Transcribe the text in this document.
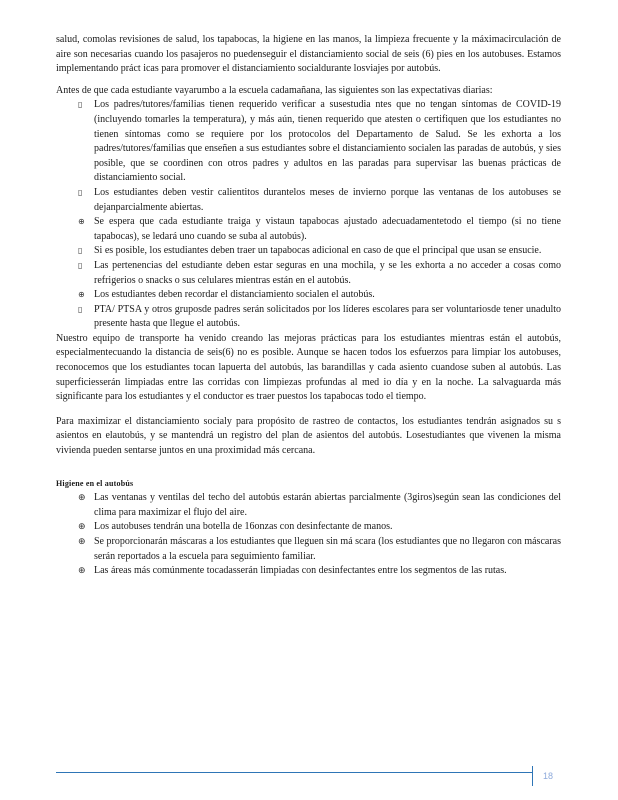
salud, comolas revisiones de salud, los tapabocas, la higiene en las manos, la limpieza frecuente y la máximacirculación de aire son necesarias cuando los pasajeros no puedenseguir el distanciamiento social de seis (6) pies en los autobuses. Estamos implementando práct icas para promover el distanciamiento socialdurante losviajes por autobús.

Antes de que cada estudiante vayarumbo a la escuela cadamañana, las siguientes son las expectativas diarias:

▯	Los padres/tutores/familias tienen requerido verificar a susestudia ntes que no tengan síntomas de COVID-19 (incluyendo tomarles la temperatura), y más aún, tienen requerido que atesten o certifiquen que los estudiantes no tienen síntomas como se requiere por los protocolos del Departamento de Salud. Se les exhorta a los padres/tutores/familias que enseñen a sus estudiantes sobre el distanciamiento socialen las paradas de autobús, y sies posible, que se coordinen con otros padres y adultos en las paradas para supervisar las buenas prácticas de distanciamiento social.
▯	Los estudiantes deben vestir calientitos durantelos meses de invierno porque las ventanas de los autobuses se dejanparcialmente abiertas.
⊕ Se espera que cada estudiante traiga y vistaun tapabocas ajustado adecuadamentetodo el tiempo (si no tiene tapabocas), se ledará uno cuando se suba al autobús).
▯	Si es posible, los estudiantes deben traer un tapabocas adicional en caso de que el principal que usan se ensucie.
▯	Las pertenencias del estudiante deben estar seguras en una mochila, y se les exhorta a no acceder a cosas como refrigerios o snacks o sus celulares mientras están en el autobús.
⊕ Los estudiantes deben recordar el distanciamiento socialen el autobús.
▯	PTA/ PTSA y otros gruposde padres serán solicitados por los líderes escolares para ser voluntariosde tener unadulto presente hasta que llegue el autobús.

Nuestro equipo de transporte ha venido creando las mejoras prácticas para los estudiantes mientras están el autobús, especialmentecuando la distancia de seis(6) no es posible. Aunque se hacen todos los esfuerzos para limpiar los autobuses, reconocemos que los estudiantes tocan lapuerta del autobús, las barandillas y cada asiento cuandose suben al autobús. Las superficiesserán limpiadas entre las corridas con limpiezas profundas al med io día y en la noche. La salvaguarda más significante para los estudiantes y el conductor es traer puestos los tapabocas todo el tiempo.

Para maximizar el distanciamiento socialy para propósito de rastreo de contactos, los estudiantes tendrán asignados su s asientos en elautobús, y se mantendrá un registro del plan de asientos del autobús. Losestudiantes que vivenen la misma vivienda pueden sentarse juntos en una proximidad más cercana.

Higiene en el autobús
⊕ Las ventanas y ventilas del techo del autobús estarán abiertas parcialmente (3giros)según sean las condiciones del clima para maximizar el flujo del aire.
⊕ Los autobuses tendrán una botella de 16onzas con desinfectante de manos.
⊕ Se proporcionarán máscaras a los estudiantes que lleguen sin má scara (los estudiantes que no llegaron con máscaras serán reportados a la escuela para seguimiento familiar.
⊕ Las áreas más comúnmente tocadasserán limpiadas con desinfectantes entre los segmentos de las rutas.
18
